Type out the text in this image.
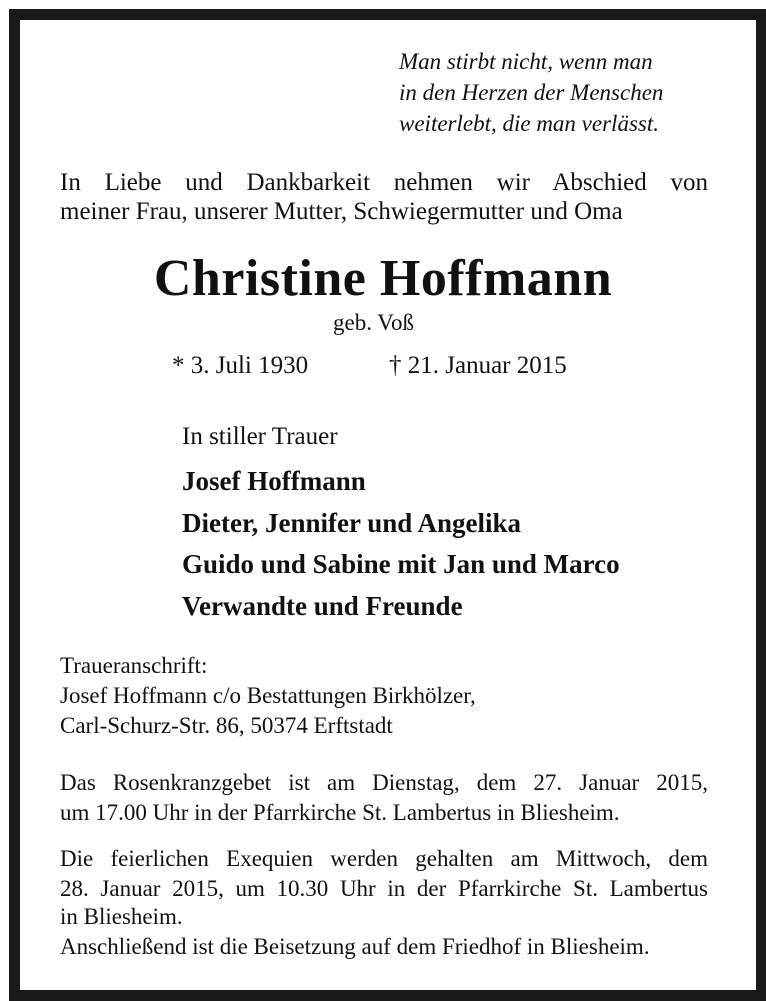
Man stirbt nicht, wenn man

in den Herzen der Menschen

weiterlebt, die man verlässt.

In Liebe und Dankbarkeit nehmen wir Abschied von

meiner Frau, unserer Mutter, Schwiegermutter und Oma

Christine Hoffmann

geb. Voß

* 3. Juli 1930	† 21. Januar 2015

In stiller Trauer

Josef Hoffmann

Dieter, Jennifer und Angelika

Guido und Sabine mit Jan und Marco

Verwandte und Freunde

Traueranschrift:

Josef Hoffmann c/o Bestattungen Birkhölzer,

Carl-Schurz-Str. 86, 50374 Erftstadt

Das Rosenkranzgebet ist am Dienstag, dem 27. Januar 2015,

um 17.00 Uhr in der Pfarrkirche St. Lambertus in Bliesheim.

Die feierlichen Exequien werden gehalten am Mittwoch, dem

28. Januar 2015, um 10.30 Uhr in der Pfarrkirche St. Lambertus

in Bliesheim.

Anschließend ist die Beisetzung auf dem Friedhof in Bliesheim.
